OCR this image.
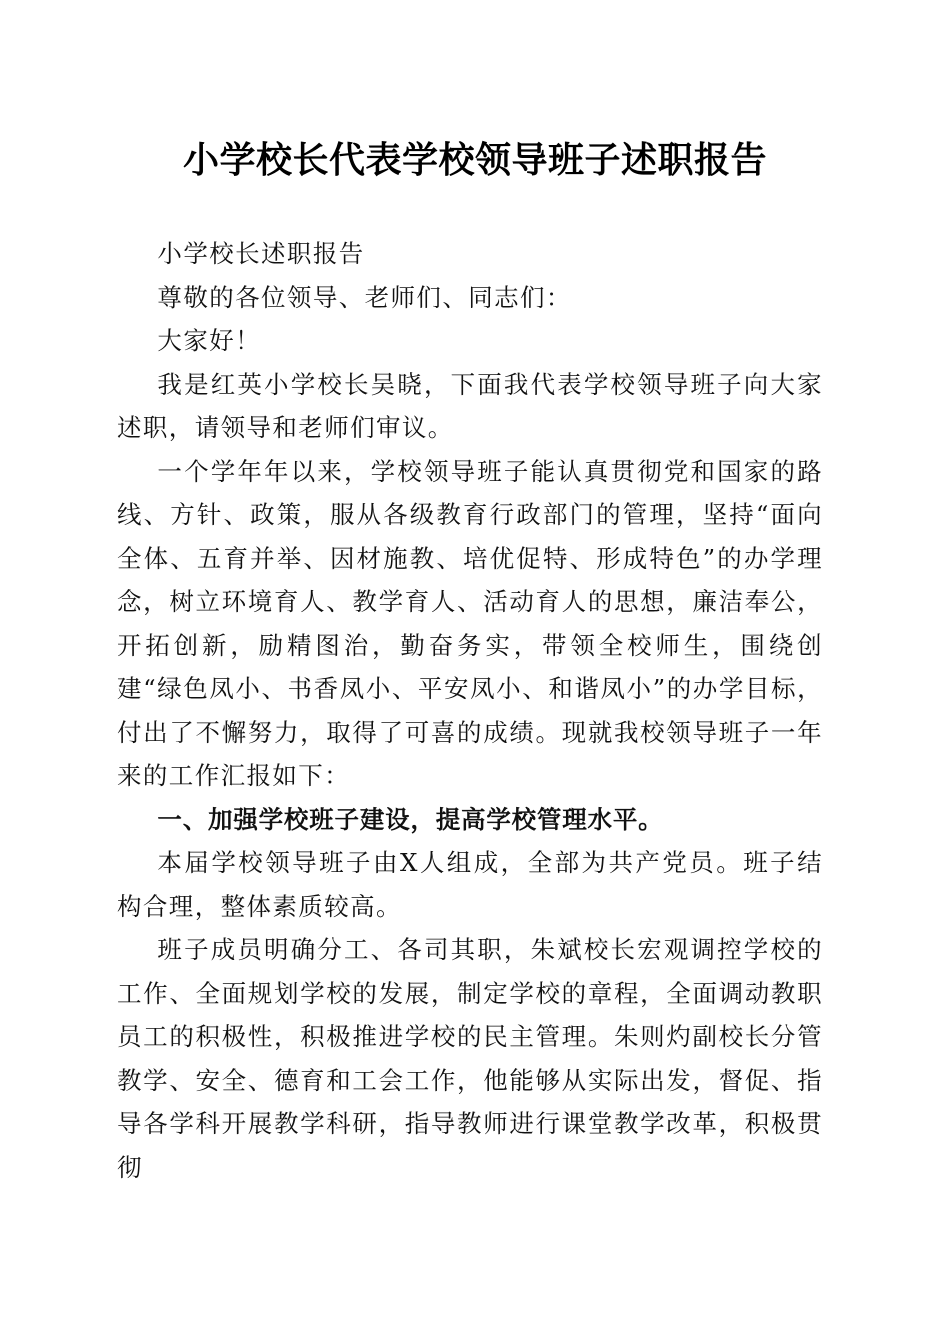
小学校长代表学校领导班子述职报告

小学校长述职报告

尊敬的各位领导、老师们、同志们：

大家好！

我是红英小学校长吴晓，下面我代表学校领导班子向大家述职，请领导和老师们审议。

一个学年年以来，学校领导班子能认真贯彻党和国家的路线、方针、政策，服从各级教育行政部门的管理，坚持“面向全体、五育并举、因材施教、培优促特、形成特色”的办学理念，树立环境育人、教学育人、活动育人的思想，廉洁奉公，开拓创新，励精图治，勤奋务实，带领全校师生，围绕创建“绿色凤小、书香凤小、平安凤小、和谐凤小”的办学目标，付出了不懈努力，取得了可喜的成绩。现就我校领导班子一年来的工作汇报如下：

一、加强学校班子建设，提高学校管理水平。

本届学校领导班子由X人组成，全部为共产党员。班子结构合理，整体素质较高。

班子成员明确分工、各司其职，朱斌校长宏观调控学校的工作、全面规划学校的发展，制定学校的章程，全面调动教职员工的积极性，积极推进学校的民主管理。朱则灼副校长分管教学、安全、德育和工会工作，他能够从实际出发，督促、指导各学科开展教学科研，指导教师进行课堂教学改革，积极贯彻
